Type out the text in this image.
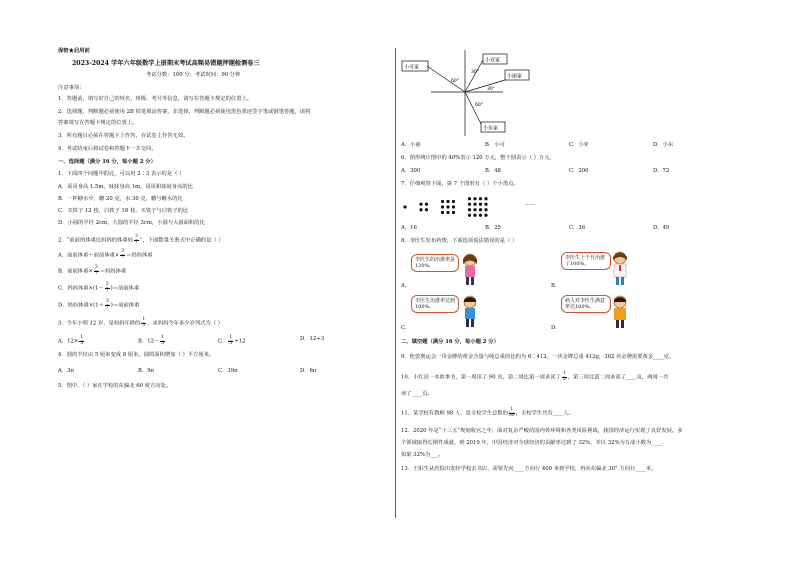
保密★启用前
2023-2024 学年六年级数学上册期末考试高频易错题押题检测卷三
考试分数：100 分；考试时间：90 分钟
注意事项：
1．答题前，填写好自己的姓名、班级、考号等信息，请写在答题卡规定的位置上。
2．选择题、判断题必须使用 2B 铅笔填涂答案，非选择、判断题必须使用黑色墨迹签字笔或钢笔答题，请将
答案填写在答题卡规定的位置上。
3．所有题目必须在答题卡上作答，在试卷上作答无效。
4．考试结束后将试卷和答题卡一并交回。
一、选择题（满分 16 分，每小题 2 分）
1．下面四个问题中的比，可以用 2∶3 表示的是（ ）
A．哥哥身高 1.5m，妹妹身高 1m，哥哥和妹妹身高的比
B．一杯糖水中，糖 20 克，水 30 克，糖与糖水的比
C．买铁子 12 枝，白铁子 18 枝，买铁子与白铁子的比
D．小圆的半径 2cm，大圆的半径 3cm，小圆与大圆面积的比
2．“前前的体重比妈妈的体重轻 $\frac{3}{7}$ ”，下面数量关系式中正确的是（ ）
A．前前体重＋前前体重× $\frac{3}{7}$ ＝妈妈体重
B．前前体重× $\frac{3}{7}$ ＝妈妈体重
C．妈妈体重$\times(1- \frac{3}{7}$ )＝前前体重
D．妈妈体重$\times(1+ \frac{3}{7}$ )＝前前体重
3．今年小明 12 岁，是妈妈年龄的 $\frac{1}{3}$ ，求妈妈今年多少岁列式为（ ）
A．$12\times \frac{1}{3}$	B．$12- \frac{1}{3}$	C． $\frac{1}{3} \div 12$	D．12÷3
4．圆的半径由 5 厘米变成 8 厘米，圆的面积增加（ ）平方厘米。
A．3π	B．9π	C．39π	D．6π
5．图中，（ ）家在学校的东偏北 60 度方向处。
小可家
小亚家
小丽家
小东家
30°
60°
30°
60°
A．小丽	B．小可	C．小亚	D．小东
6．图形统计图中的 40%表示 120 万元，整个圆表示（ ）万元。
A．300	B．48	C．200	D．72
7．仔细观察下面，第 7 个图形有（ ）个小黑点。
……
A．16	B．25	C．36	D．49
8．李医生发布药情，下面选项说法错误的是（ ）
李医生的治愈率是120%。
李医生上个月治愈了100%。
李医生治愈率达到100%。
病人对李医生满意率达100%。
A．	B．
C．	D．
二、填空题（满分 16 分，每小题 2 分）
9．伦敦奥运会一块金牌的黄金含量与纯总重的比约为 6∶412，一块金牌总重 412g，302 块金牌需要黄金____克。
10．小红读一本故事书，第一周读了 90 页，第二周比第一周多读了 $\frac{1}{9}$ ，第三周比第二周多读了____页，两周一共
读了____页。
11．某学校有教师 98 人，是全校学生总数的 $\frac{1}{30}$ ，全校学生共有____人。
12．2020 年是“十三五”规划收官之年，面对复杂严峻的国内外环境和各类风险挑战，我国经济运行实现了良好发展。多
个领域取得长期性成就，到 2019 年，中国经济对全球经济的贡献率达到了 32%，并以 32%为万成小数为____，
如果 32%为___。
13．王阳生从医院出发经学校去书店，需要先向____方向行 400 米到学校，再向东偏北 30° 方向行____米。
